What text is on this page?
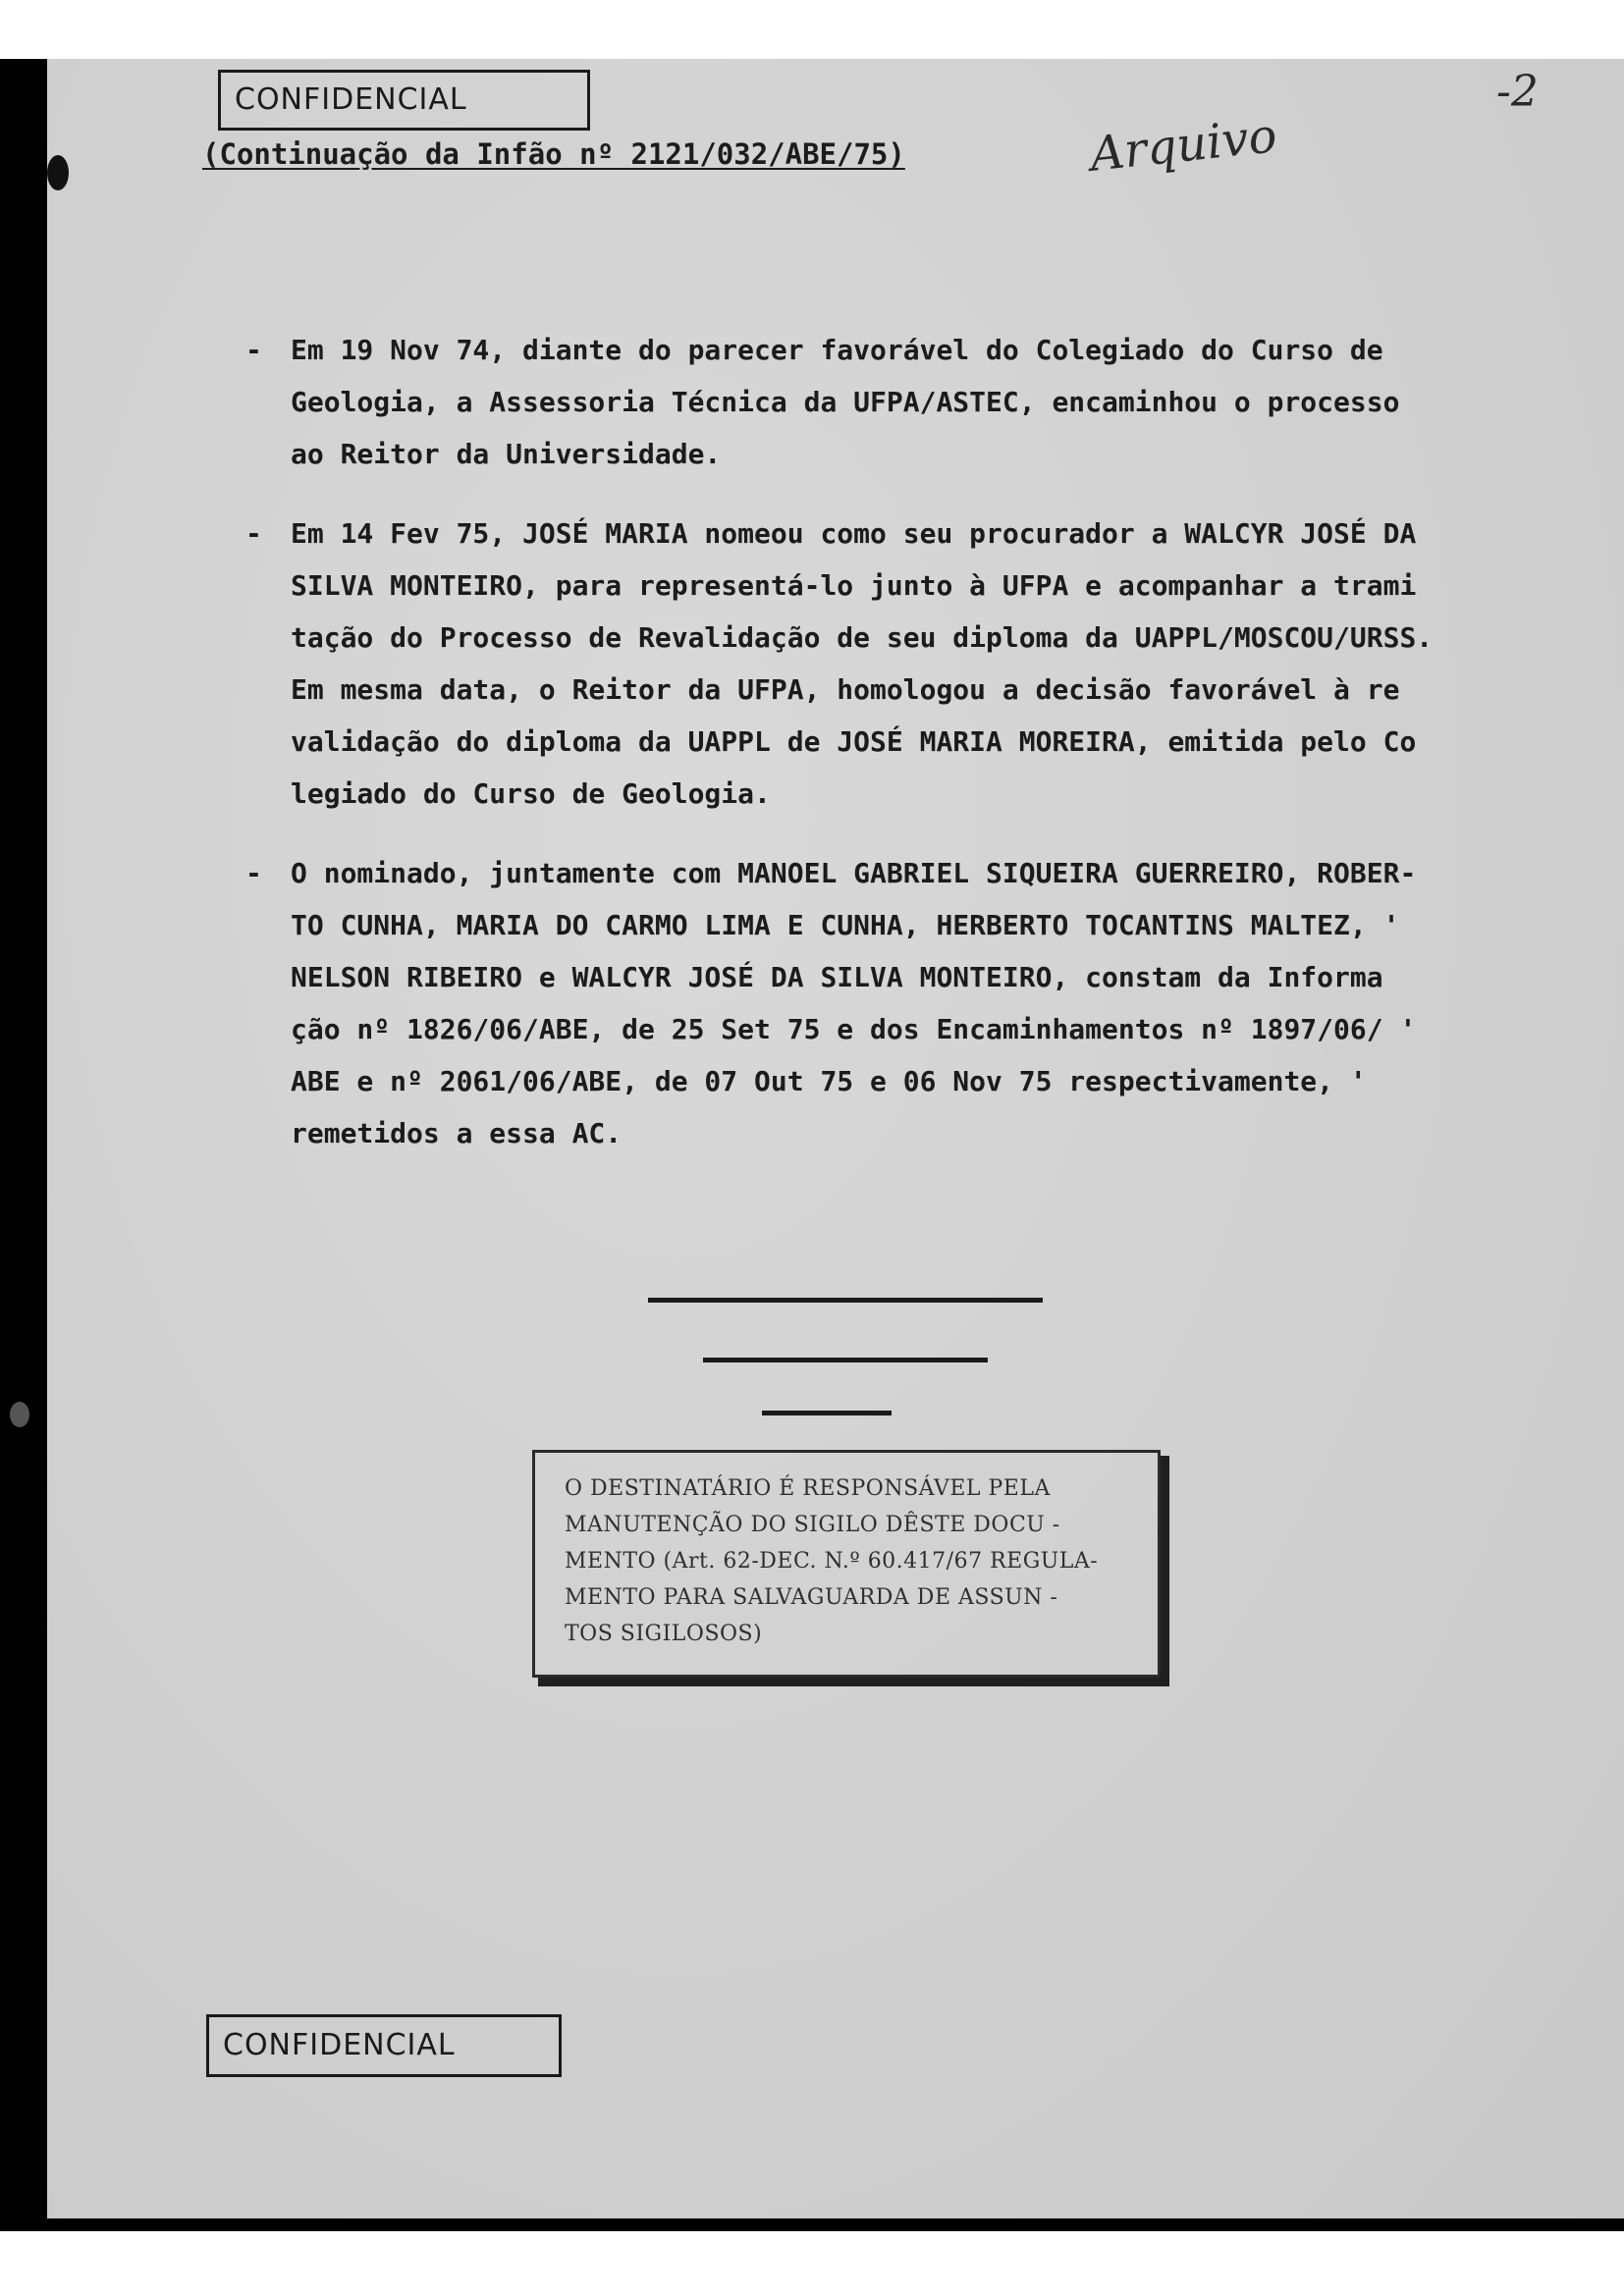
CONFIDENCIAL	-2
Arquivo
(Continuação da Infão nº 2121/032/ABE/75)
- Em 19 Nov 74, diante do parecer favorável do Colegiado do Curso de
Geologia, a Assessoria Técnica da UFPA/ASTEC, encaminhou o processo
ao Reitor da Universidade.
- Em 14 Fev 75, JOSÉ MARIA nomeou como seu procurador a WALCYR JOSÉ DA
SILVA MONTEIRO, para representá-lo junto à UFPA e acompanhar a trami
tação do Processo de Revalidação de seu diploma da UAPPL/MOSCOU/URSS.
Em mesma data, o Reitor da UFPA, homologou a decisão favorável à re
validação do diploma da UAPPL de JOSÉ MARIA MOREIRA, emitida pelo Co
legiado do Curso de Geologia.
- O nominado, juntamente com MANOEL GABRIEL SIQUEIRA GUERREIRO, ROBER-
TO CUNHA, MARIA DO CARMO LIMA E CUNHA, HERBERTO TOCANTINS MALTEZ, '
NELSON RIBEIRO e WALCYR JOSÉ DA SILVA MONTEIRO, constam da Informa
ção nº 1826/06/ABE, de 25 Set 75 e dos Encaminhamentos nº 1897/06/ '
ABE e nº 2061/06/ABE, de 07 Out 75 e 06 Nov 75 respectivamente, '
remetidos a essa AC.
O DESTINATÁRIO É RESPONSÁVEL PELA
MANUTENÇÃO DO SIGILO DÊSTE DOCU -
MENTO (Art. 62-DEC. N.º 60.417/67 REGULA-
MENTO PARA SALVAGUARDA DE ASSUN -
TOS SIGILOSOS)
CONFIDENCIAL
